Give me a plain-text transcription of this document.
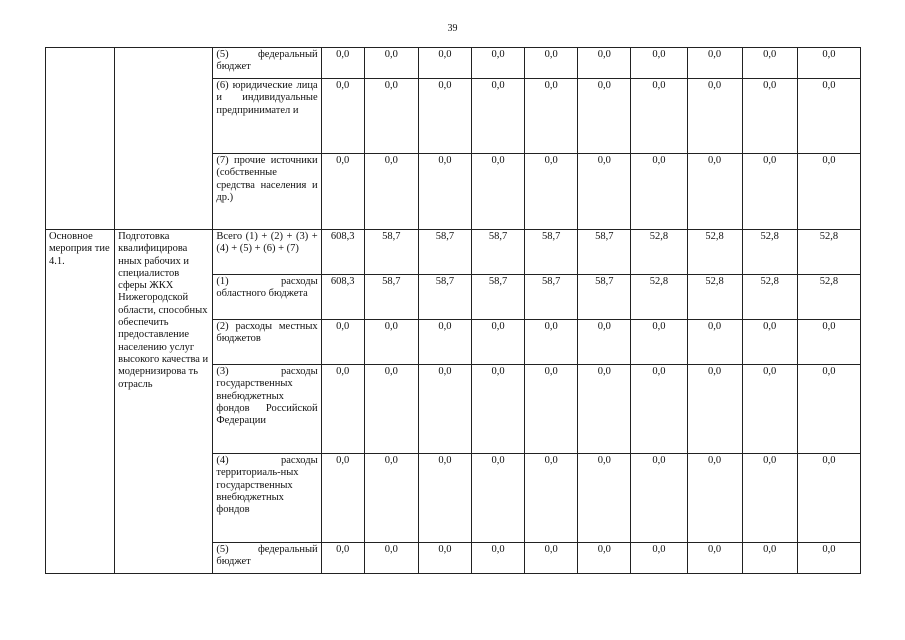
39
		(5) федеральный бюджет	0,0	0,0	0,0	0,0	0,0	0,0	0,0	0,0	0,0	0,0
		(6) юридические лица и индивидуальные предпринимател и	0,0	0,0	0,0	0,0	0,0	0,0	0,0	0,0	0,0	0,0
		(7) прочие источники (собственные средства населения и др.)	0,0	0,0	0,0	0,0	0,0	0,0	0,0	0,0	0,0	0,0
Основное мероприя тие 4.1.	Подготовка квалифицирова нных рабочих и специалистов сферы ЖКХ Нижегородской области, способных обеспечить предоставление населению услуг высокого качества и модернизирова ть отрасль	Всего (1) + (2) + (3) + (4) + (5) + (6) + (7)	608,3	58,7	58,7	58,7	58,7	58,7	52,8	52,8	52,8	52,8
		(1) расходы областного бюджета	608,3	58,7	58,7	58,7	58,7	58,7	52,8	52,8	52,8	52,8
		(2) расходы местных бюджетов	0,0	0,0	0,0	0,0	0,0	0,0	0,0	0,0	0,0	0,0
		(3) расходы государственных внебюджетных фондов Российской Федерации	0,0	0,0	0,0	0,0	0,0	0,0	0,0	0,0	0,0	0,0
		(4) расходы территориаль-ных государственных внебюджетных фондов	0,0	0,0	0,0	0,0	0,0	0,0	0,0	0,0	0,0	0,0
		(5) федеральный бюджет	0,0	0,0	0,0	0,0	0,0	0,0	0,0	0,0	0,0	0,0
